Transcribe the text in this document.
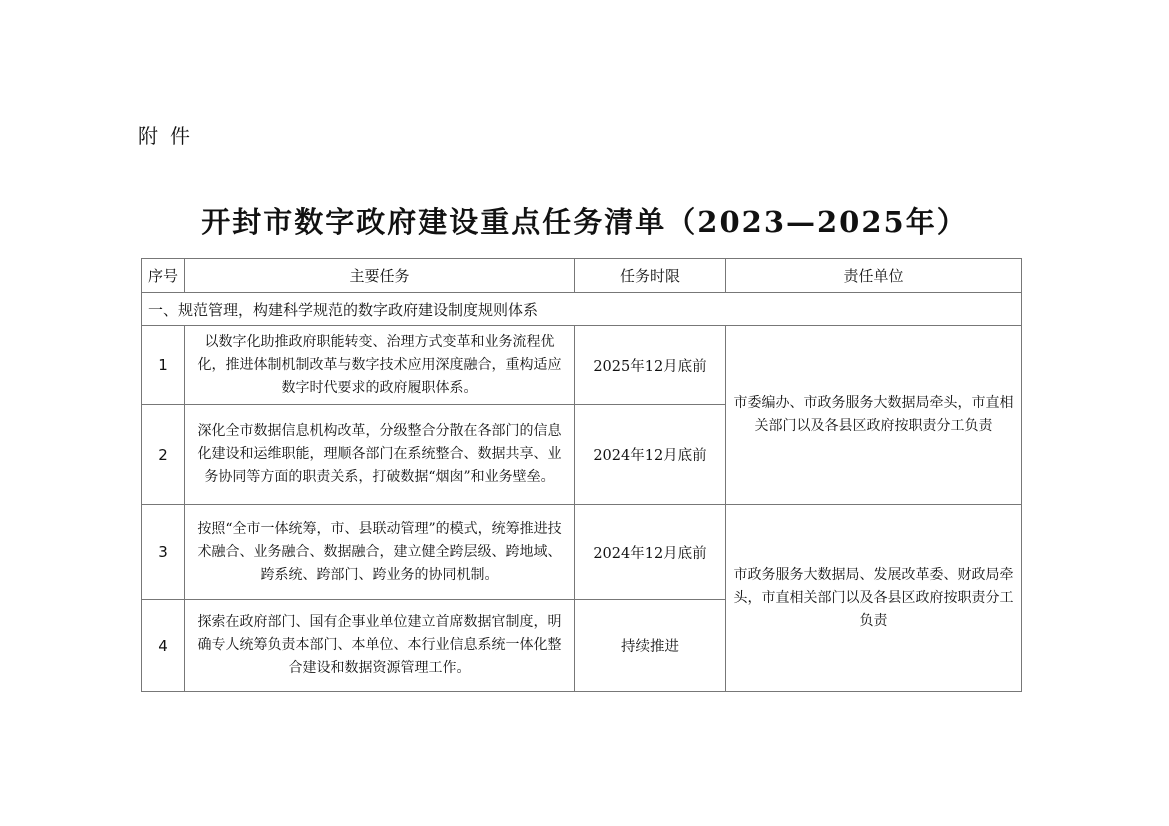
附件
开封市数字政府建设重点任务清单（2023—2025年）
序号	主要任务	任务时限	责任单位
一、规范管理，构建科学规范的数字政府建设制度规则体系			
1	以数字化助推政府职能转变、治理方式变革和业务流程优化，推进体制机制改革与数字技术应用深度融合，重构适应数字时代要求的政府履职体系。	2025年12月底前	市委编办、市政务服务大数据局牵头，市直相关部门以及各县区政府按职责分工负责
2	深化全市数据信息机构改革，分级整合分散在各部门的信息化建设和运维职能，理顺各部门在系统整合、数据共享、业务协同等方面的职责关系，打破数据“烟囱”和业务壁垒。	2024年12月底前	
3	按照“全市一体统筹，市、县联动管理”的模式，统筹推进技术融合、业务融合、数据融合，建立健全跨层级、跨地域、跨系统、跨部门、跨业务的协同机制。	2024年12月底前	市政务服务大数据局、发展改革委、财政局牵头，市直相关部门以及各县区政府按职责分工负责
4	探索在政府部门、国有企事业单位建立首席数据官制度，明确专人统筹负责本部门、本单位、本行业信息系统一体化整合建设和数据资源管理工作。	持续推进	
